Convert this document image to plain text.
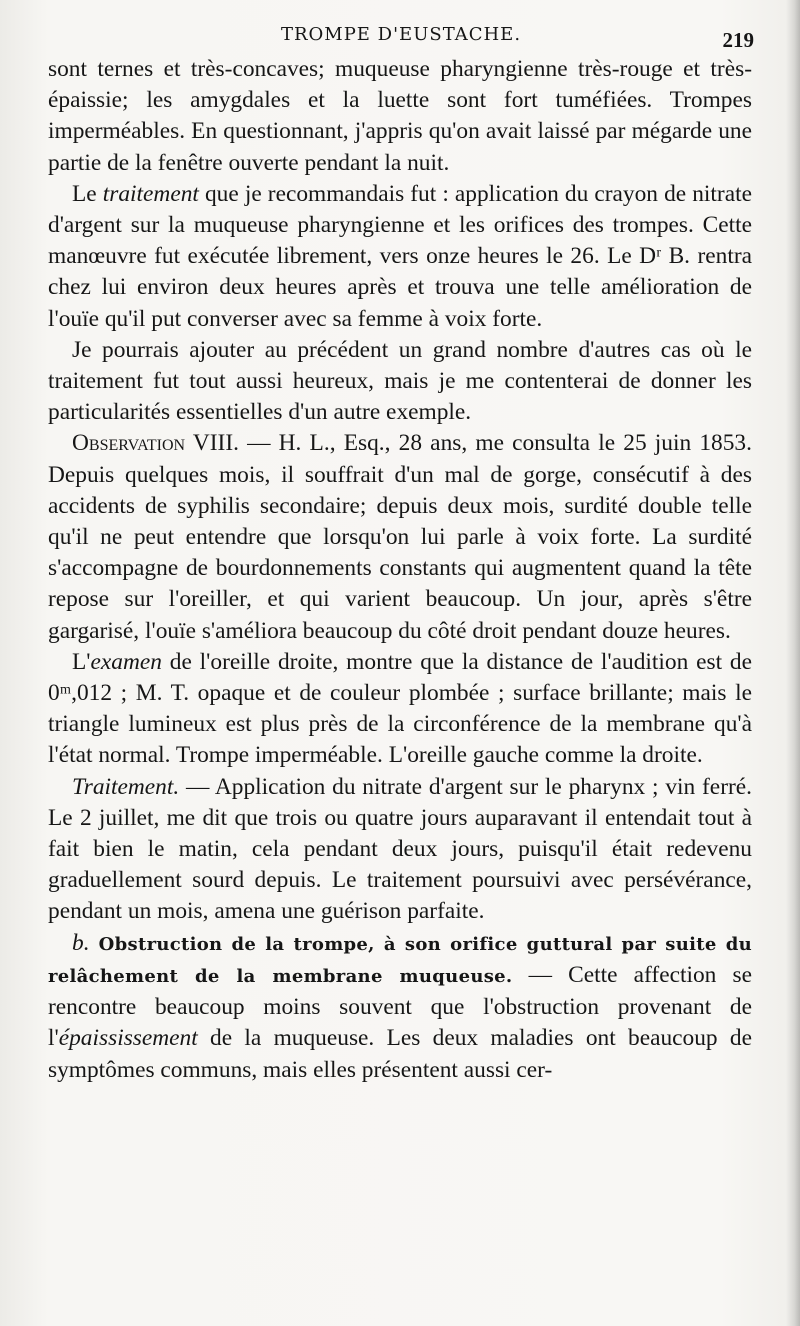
TROMPE D'EUSTACHE.	219

sont ternes et très-concaves; muqueuse pharyngienne très-rouge et très-épaissie; les amygdales et la luette sont fort tuméfiées. Trompes imperméables. En questionnant, j'appris qu'on avait laissé par mégarde une partie de la fenêtre ouverte pendant la nuit.

Le traitement que je recommandais fut : application du crayon de nitrate d'argent sur la muqueuse pharyngienne et les orifices des trompes. Cette manœuvre fut exécutée librement, vers onze heures le 26. Le Dʳ B. rentra chez lui environ deux heures après et trouva une telle amélioration de l'ouïe qu'il put converser avec sa femme à voix forte.

Je pourrais ajouter au précédent un grand nombre d'autres cas où le traitement fut tout aussi heureux, mais je me contenterai de donner les particularités essentielles d'un autre exemple.

Observation VIII. — H. L., Esq., 28 ans, me consulta le 25 juin 1853. Depuis quelques mois, il souffrait d'un mal de gorge, consécutif à des accidents de syphilis secondaire; depuis deux mois, surdité double telle qu'il ne peut entendre que lorsqu'on lui parle à voix forte. La surdité s'accompagne de bourdonnements constants qui augmentent quand la tête repose sur l'oreiller, et qui varient beaucoup. Un jour, après s'être gargarisé, l'ouïe s'améliora beaucoup du côté droit pendant douze heures.

L'examen de l'oreille droite, montre que la distance de l'audition est de 0ᵐ,012 ; M. T. opaque et de couleur plombée ; surface brillante; mais le triangle lumineux est plus près de la circonférence de la membrane qu'à l'état normal. Trompe imperméable. L'oreille gauche comme la droite.

Traitement. — Application du nitrate d'argent sur le pharynx ; vin ferré. Le 2 juillet, me dit que trois ou quatre jours auparavant il entendait tout à fait bien le matin, cela pendant deux jours, puisqu'il était redevenu graduellement sourd depuis. Le traitement poursuivi avec persévérance, pendant un mois, amena une guérison parfaite.

b. Obstruction de la trompe, à son orifice guttural par suite du relâchement de la membrane muqueuse. — Cette affection se rencontre beaucoup moins souvent que l'obstruction provenant de l'épaississement de la muqueuse. Les deux maladies ont beaucoup de symptômes communs, mais elles présentent aussi cer-
